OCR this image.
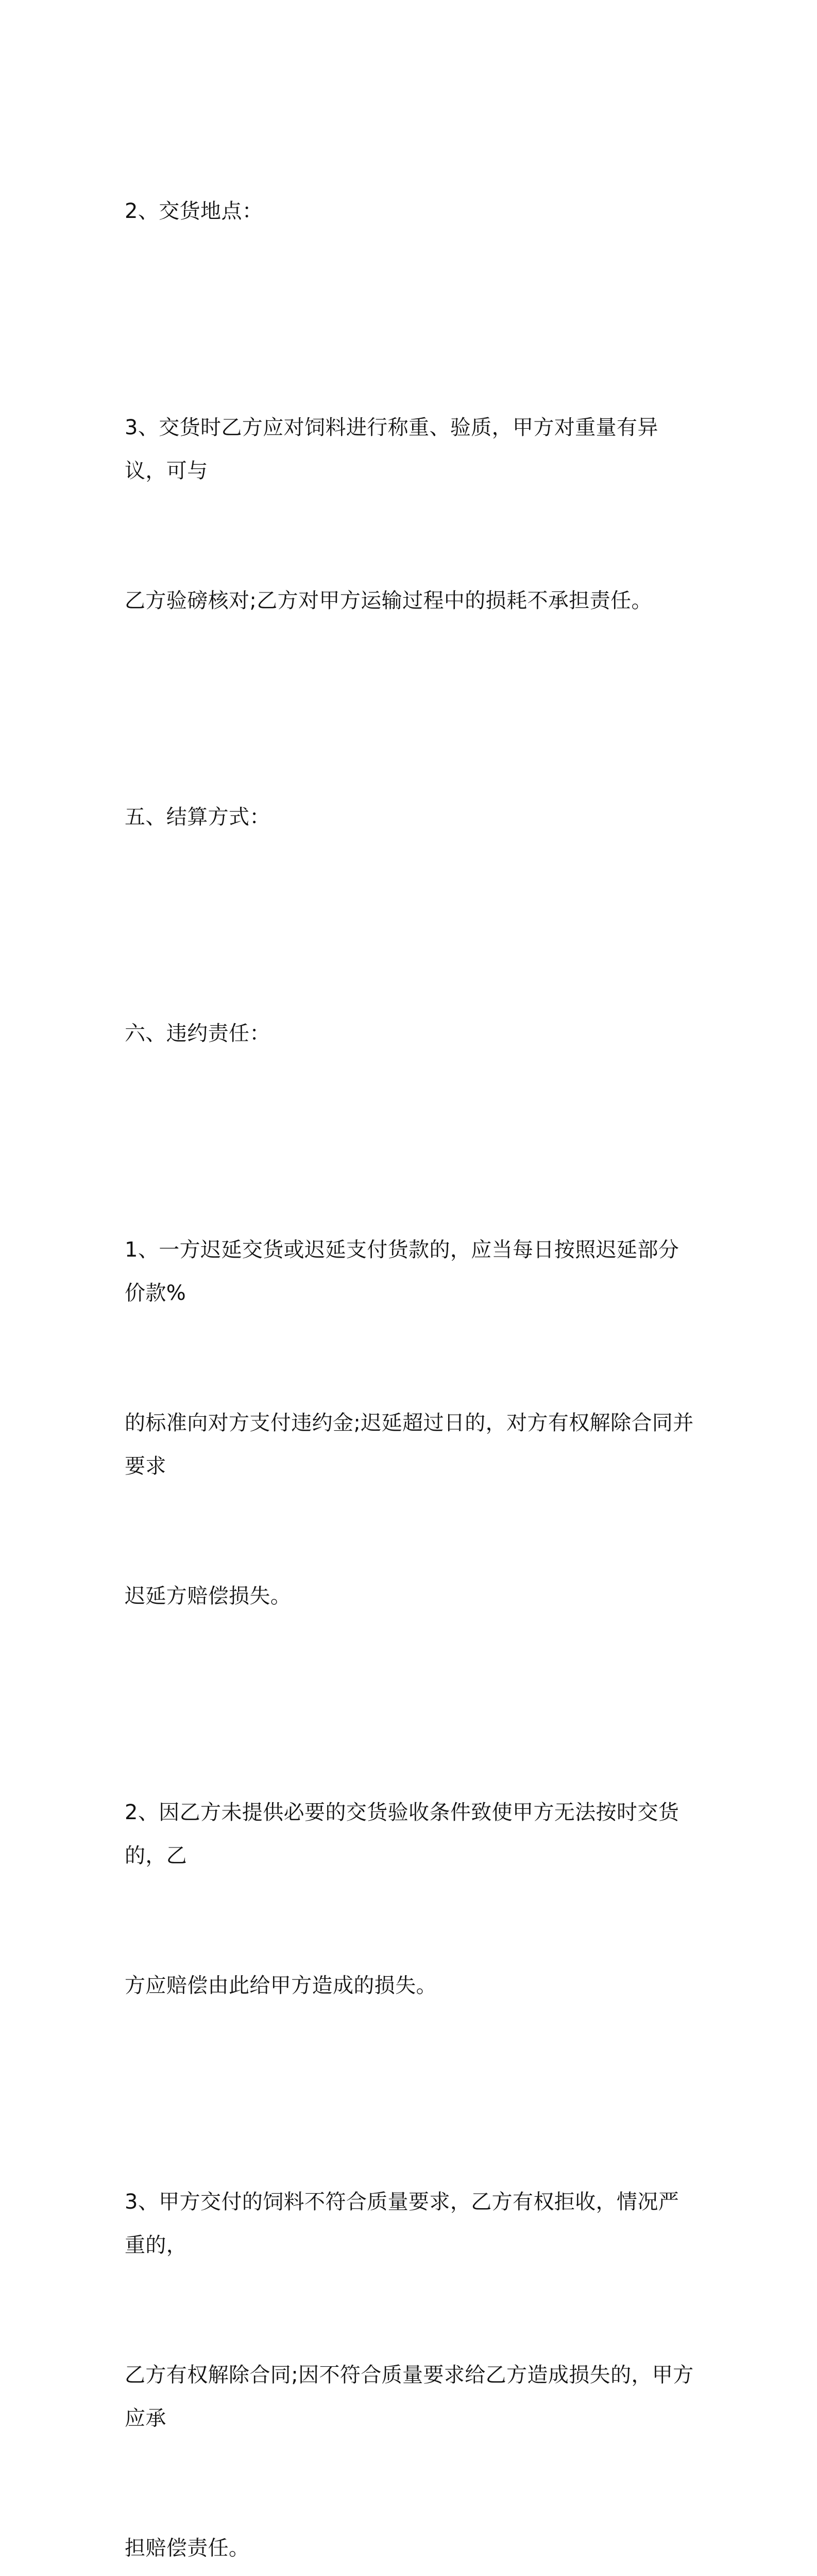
2、交货地点：

3、交货时乙方应对饲料进行称重、验质，甲方对重量有异议，可与

乙方验磅核对;乙方对甲方运输过程中的损耗不承担责任。

五、结算方式：

六、违约责任：

1、一方迟延交货或迟延支付货款的，应当每日按照迟延部分价款%

的标准向对方支付违约金;迟延超过日的，对方有权解除合同并要求

迟延方赔偿损失。

2、因乙方未提供必要的交货验收条件致使甲方无法按时交货的，乙

方应赔偿由此给甲方造成的损失。

3、甲方交付的饲料不符合质量要求，乙方有权拒收，情况严重的，

乙方有权解除合同;因不符合质量要求给乙方造成损失的，甲方应承

担赔偿责任。
